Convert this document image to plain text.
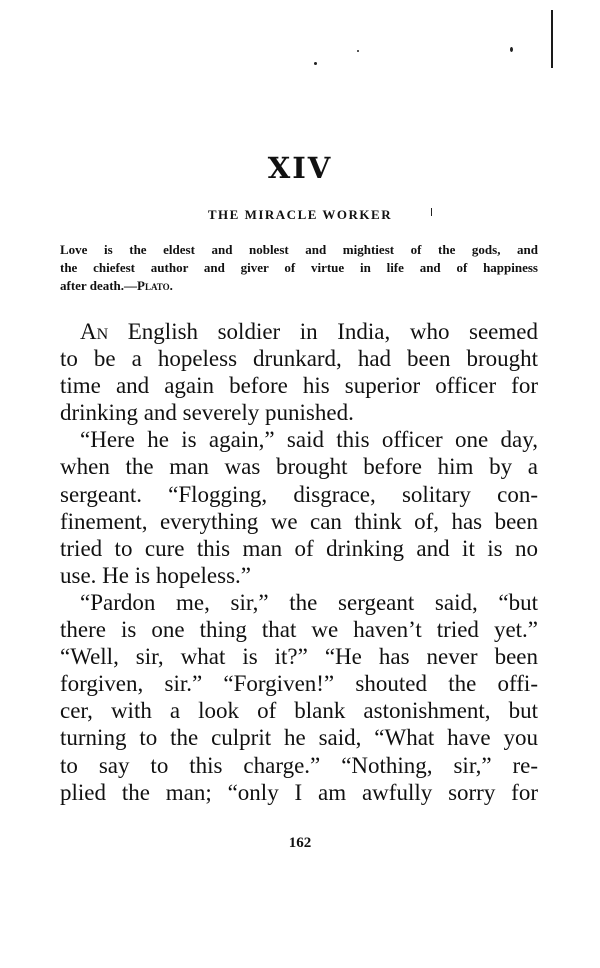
XIV
THE MIRACLE WORKER
Love is the eldest and noblest and mightiest of the gods, and
the chiefest author and giver of virtue in life and of happiness
after death.—Plato.
An English soldier in India, who seemed
to be a hopeless drunkard, had been brought
time and again before his superior officer for
drinking and severely punished.
“Here he is again,” said this officer one day,
when the man was brought before him by a
sergeant. “Flogging, disgrace, solitary con-
finement, everything we can think of, has been
tried to cure this man of drinking and it is no
use. He is hopeless.”
“Pardon me, sir,” the sergeant said, “but
there is one thing that we haven’t tried yet.”
“Well, sir, what is it?” “He has never been
forgiven, sir.” “Forgiven!” shouted the offi-
cer, with a look of blank astonishment, but
turning to the culprit he said, “What have you
to say to this charge.” “Nothing, sir,” re-
plied the man; “only I am awfully sorry for
162
